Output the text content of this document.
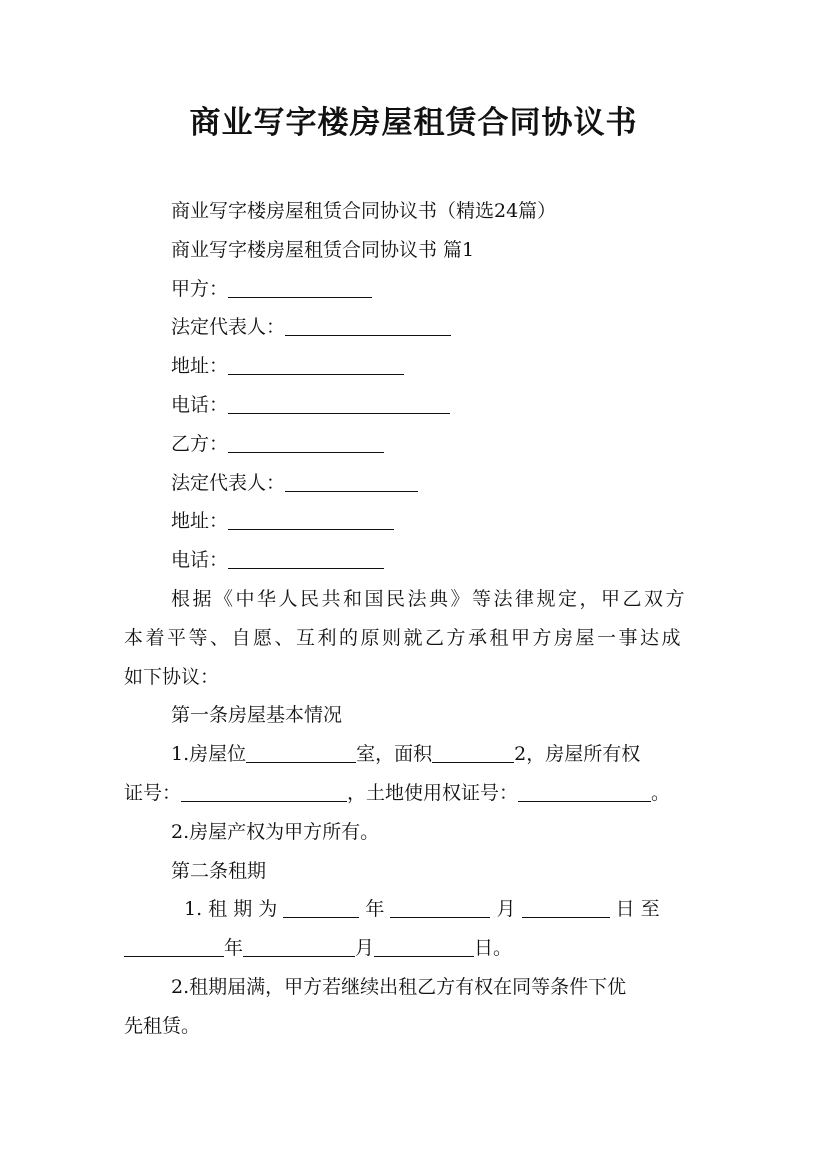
商业写字楼房屋租赁合同协议书
商业写字楼房屋租赁合同协议书（精选24篇）
商业写字楼房屋租赁合同协议书 篇1
甲方：
法定代表人：
地址：
电话：
乙方：
法定代表人：
地址：
电话：
根据《中华人民共和国民法典》等法律规定，甲乙双方
本着平等、自愿、互利的原则就乙方承租甲方房屋一事达成
如下协议：
第一条房屋基本情况
1.房屋位	室，面积	2，房屋所有权
证号：	，土地使用权证号：	。
2.房屋产权为甲方所有。
第二条租期
1. 租 期 为	年	月	日 至
年	月	日。
2.租期届满，甲方若继续出租乙方有权在同等条件下优
先租赁。
